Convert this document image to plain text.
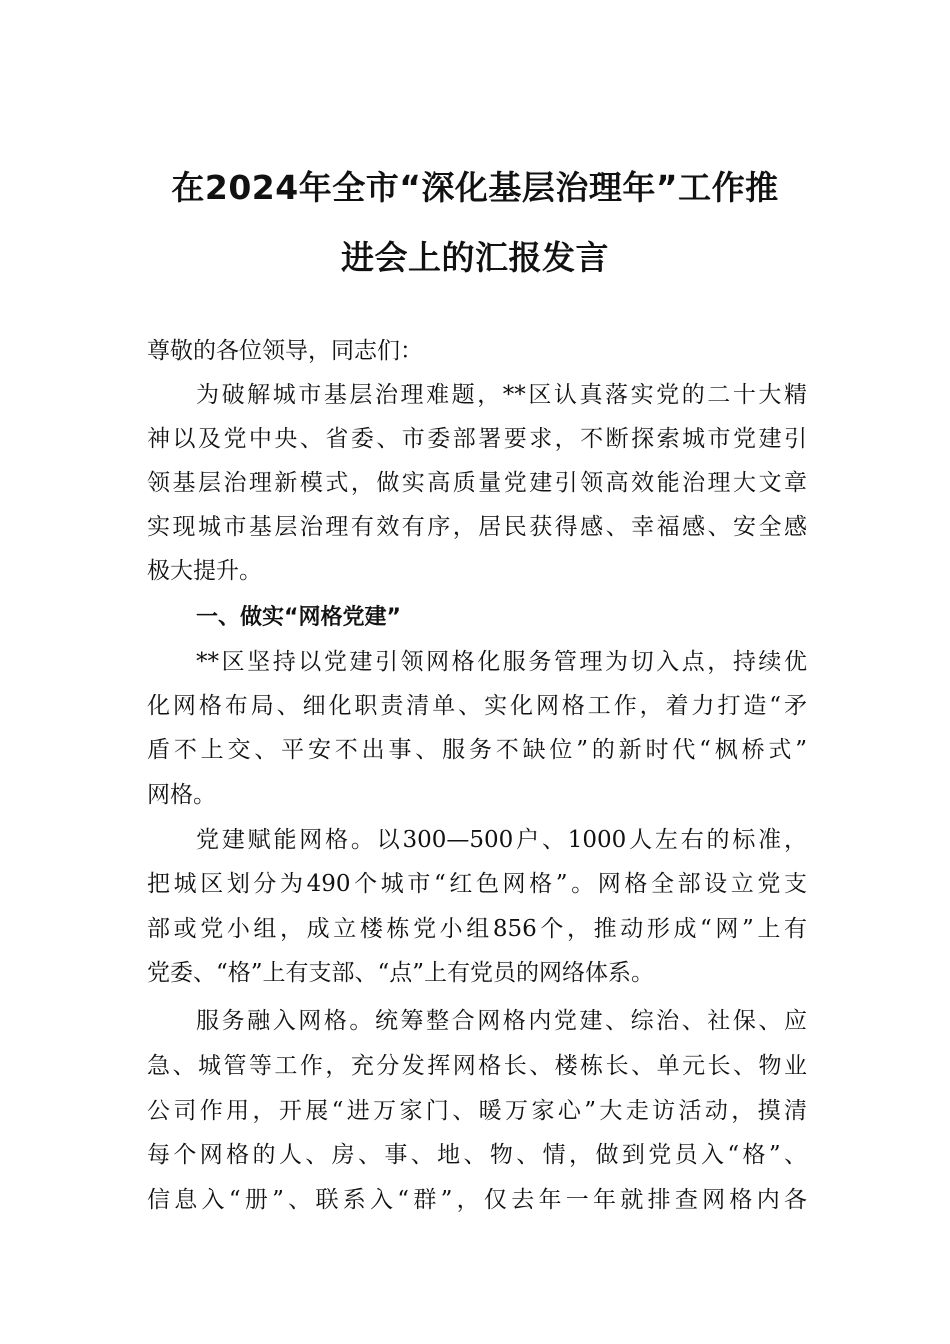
在2024年全市“深化基层治理年”工作推
进会上的汇报发言
尊敬的各位领导，同志们：
为破解城市基层治理难题，**区认真落实党的二十大精
神以及党中央、省委、市委部署要求，不断探索城市党建引
领基层治理新模式，做实高质量党建引领高效能治理大文章
实现城市基层治理有效有序，居民获得感、幸福感、安全感
极大提升。
一、做实“网格党建”
**区坚持以党建引领网格化服务管理为切入点，持续优
化网格布局、细化职责清单、实化网格工作，着力打造“矛
盾不上交、平安不出事、服务不缺位”的新时代“枫桥式”
网格。
党建赋能网格。以300—500户、1000人左右的标准，
把城区划分为490个城市“红色网格”。网格全部设立党支
部或党小组，成立楼栋党小组856个，推动形成“网”上有
党委、“格”上有支部、“点”上有党员的网络体系。
服务融入网格。统筹整合网格内党建、综治、社保、应
急、城管等工作，充分发挥网格长、楼栋长、单元长、物业
公司作用，开展“进万家门、暖万家心”大走访活动，摸清
每个网格的人、房、事、地、物、情，做到党员入“格”、
信息入“册”、联系入“群”，仅去年一年就排查网格内各
